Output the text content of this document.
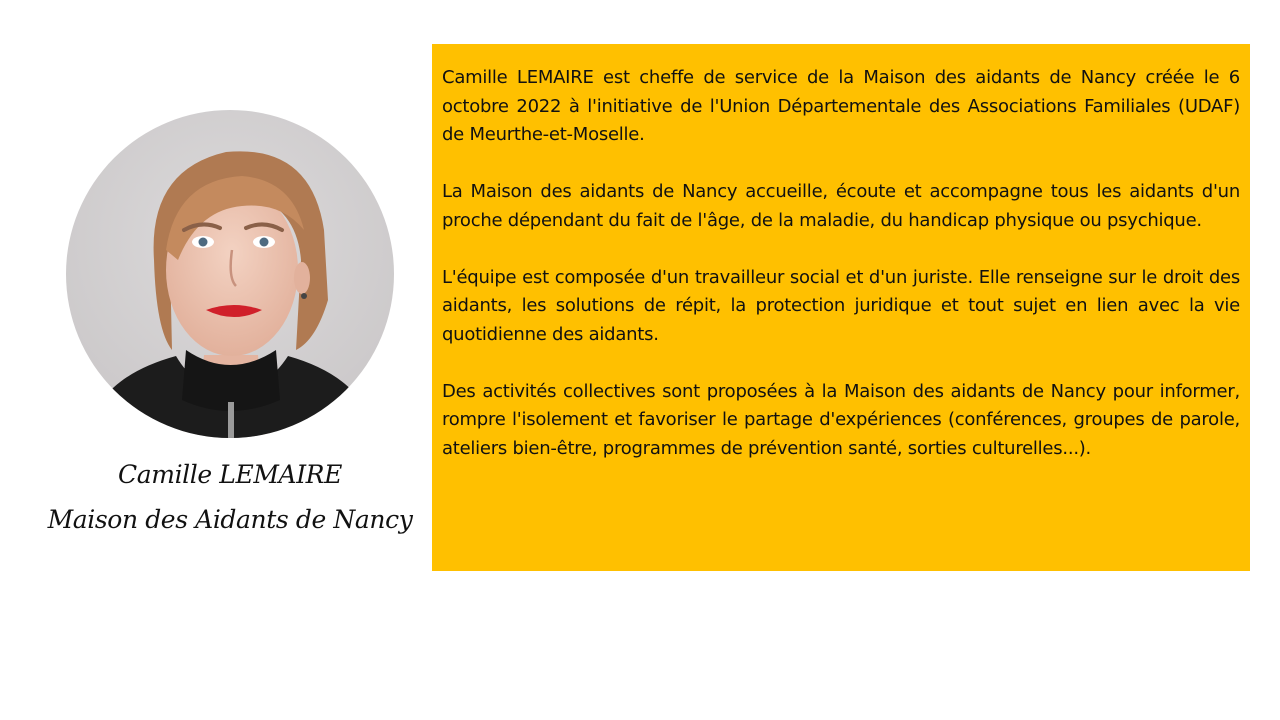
Camille LEMAIRE
Maison des Aidants de Nancy

Camille LEMAIRE est cheffe de service de la Maison des aidants de Nancy créée le 6 octobre 2022 à l'initiative de l'Union Départementale des Associations Familiales (UDAF) de Meurthe-et-Moselle.

La Maison des aidants de Nancy accueille, écoute et accompagne tous les aidants d'un proche dépendant du fait de l'âge, de la maladie, du handicap physique ou psychique.

L'équipe est composée d'un travailleur social et d'un juriste. Elle renseigne sur le droit des aidants, les solutions de répit, la protection juridique et tout sujet en lien avec la vie quotidienne des aidants.

Des activités collectives sont proposées à la Maison des aidants de Nancy pour informer, rompre l'isolement et favoriser le partage d'expériences (conférences, groupes de parole, ateliers bien-être, programmes de prévention santé, sorties culturelles...).
